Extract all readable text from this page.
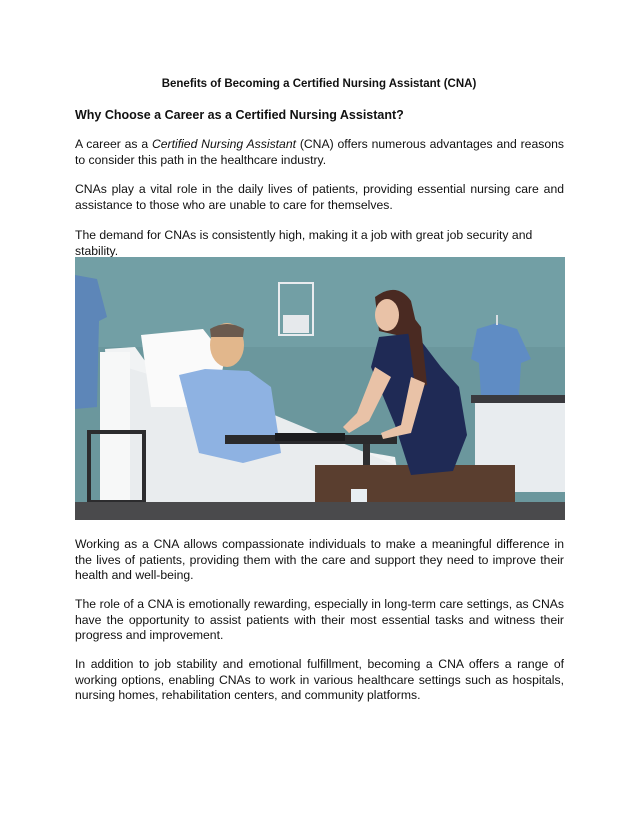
Benefits of Becoming a Certified Nursing Assistant (CNA)
Why Choose a Career as a Certified Nursing Assistant?

A career as a Certified Nursing Assistant (CNA) offers numerous advantages and reasons to consider this path in the healthcare industry.

CNAs play a vital role in the daily lives of patients, providing essential nursing care and assistance to those who are unable to care for themselves.

The demand for CNAs is consistently high, making it a job with great job security and stability.

Working as a CNA allows compassionate individuals to make a meaningful difference in the lives of patients, providing them with the care and support they need to improve their health and well-being.

The role of a CNA is emotionally rewarding, especially in long-term care settings, as CNAs have the opportunity to assist patients with their most essential tasks and witness their progress and improvement.

In addition to job stability and emotional fulfillment, becoming a CNA offers a range of working options, enabling CNAs to work in various healthcare settings such as hospitals, nursing homes, rehabilitation centers, and community platforms.
